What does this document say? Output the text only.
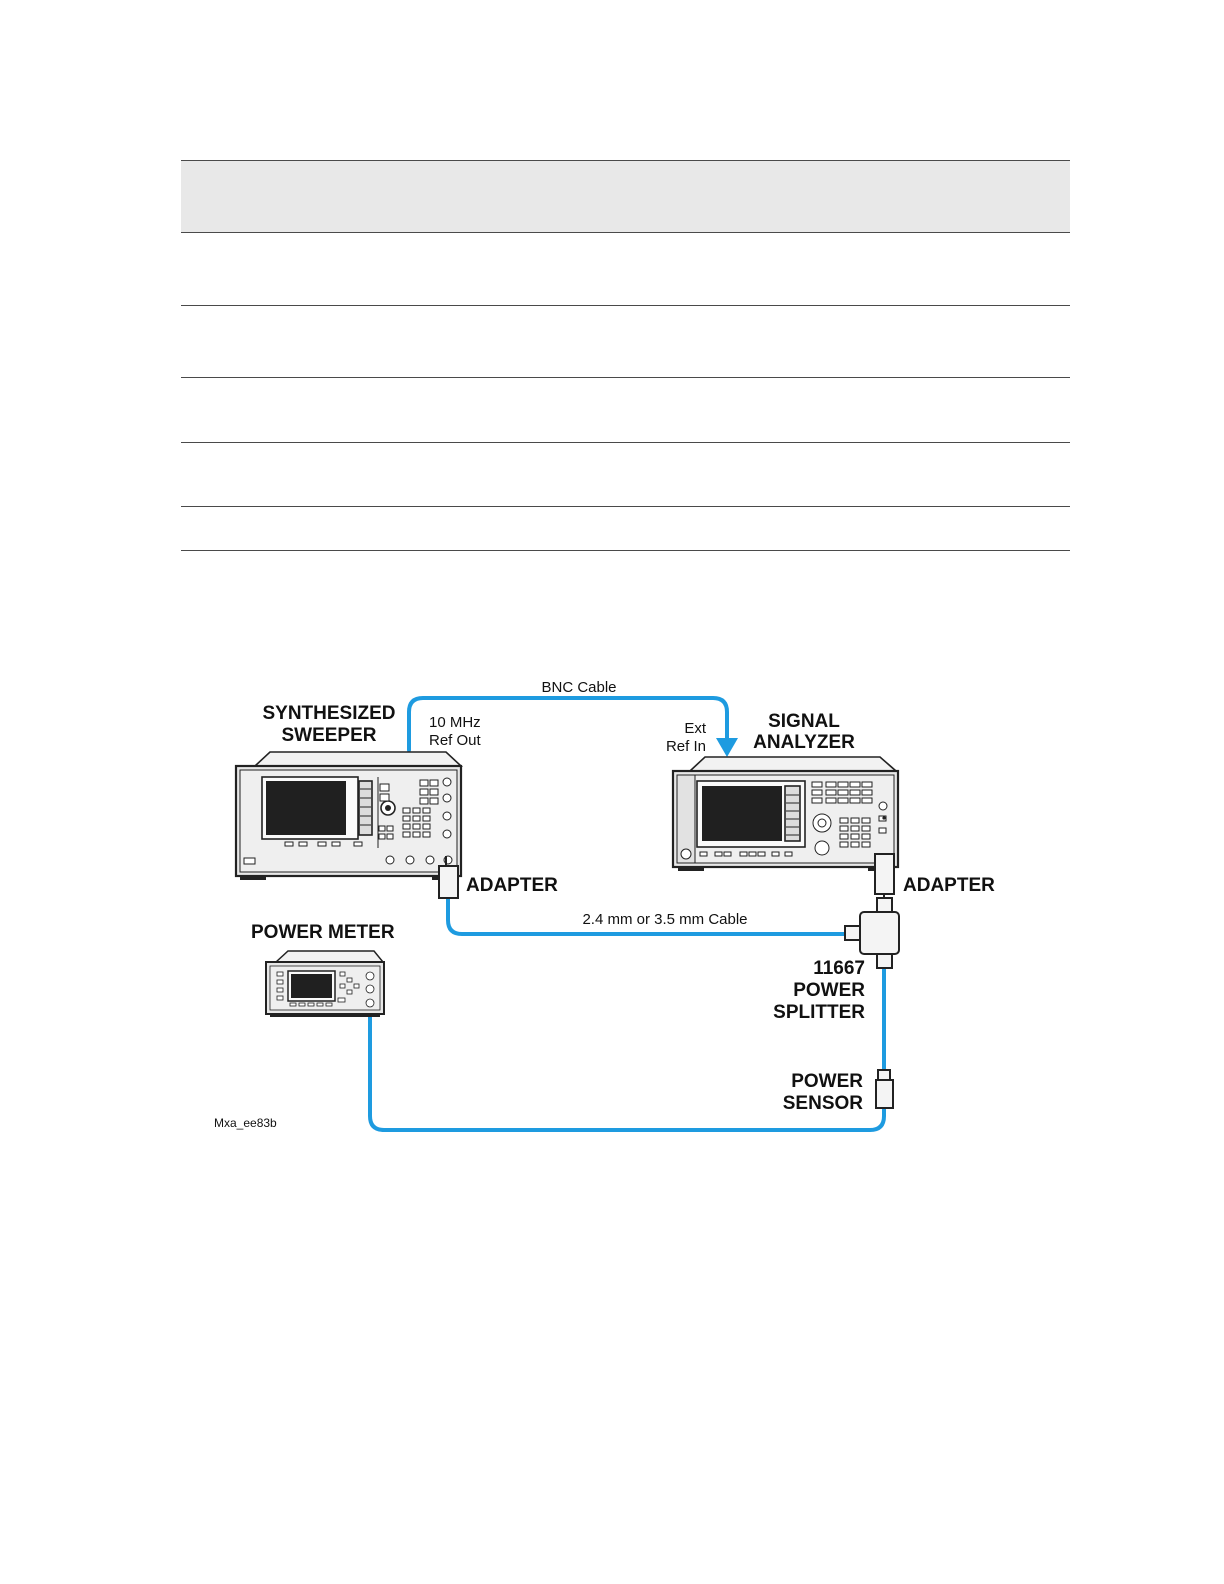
SYNTHESIZED
SWEEPER
10 MHz
Ref Out
BNC Cable
Ext
Ref In
SIGNAL
ANALYZER
ADAPTER	ADAPTER
2.4 mm or 3.5 mm Cable
POWER METER
11667
POWER
SPLITTER
POWER
SENSOR
Mxa_ee83b
